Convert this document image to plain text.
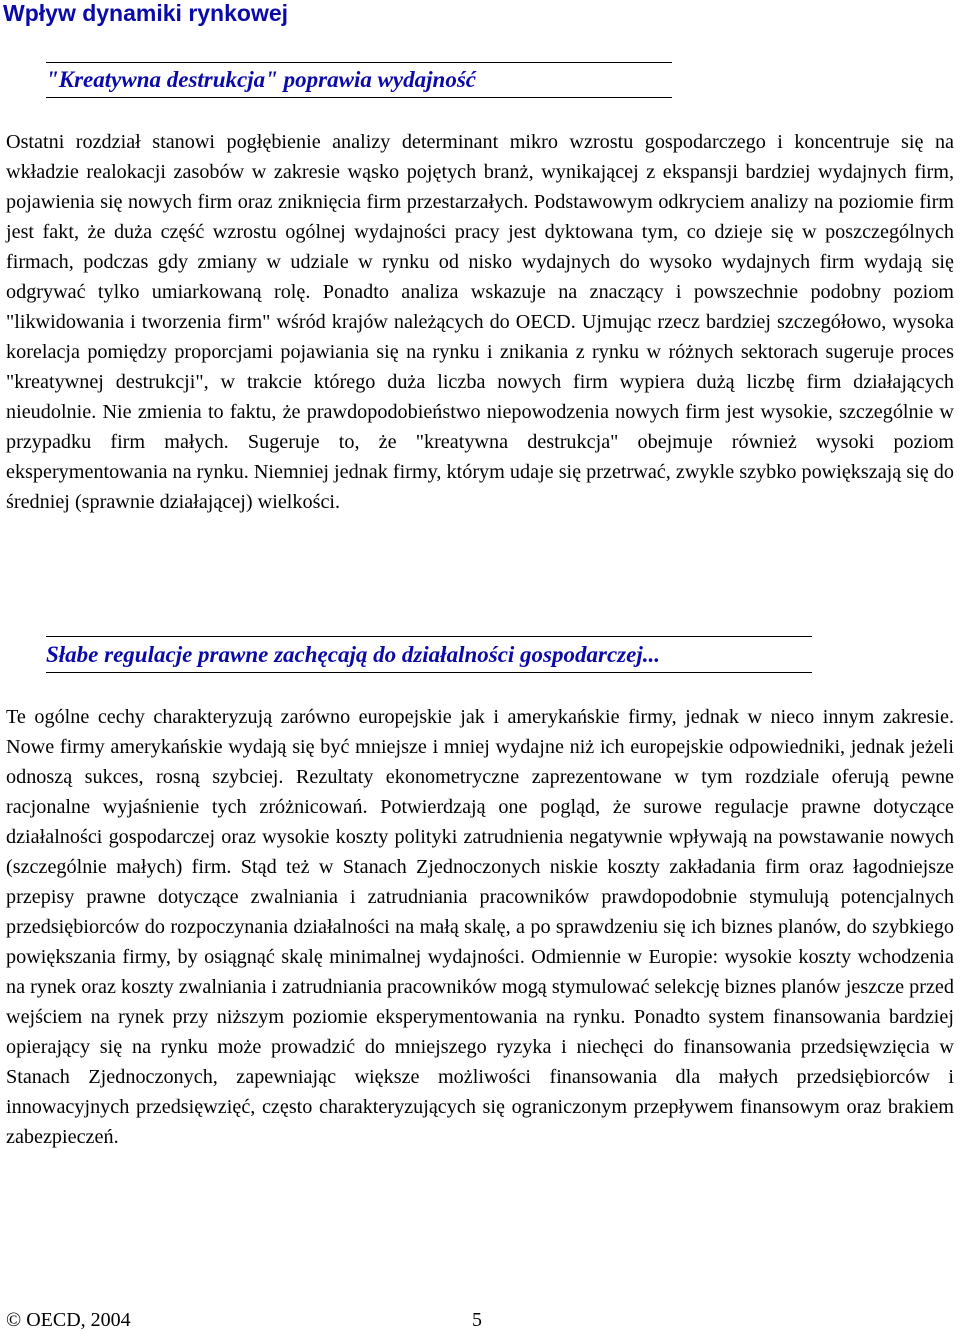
Wpływ dynamiki rynkowej
"Kreatywna destrukcja" poprawia wydajność

Ostatni rozdział stanowi pogłębienie analizy determinant mikro wzrostu gospodarczego i koncentruje się na wkładzie realokacji zasobów w zakresie wąsko pojętych branż, wynikającej z ekspansji bardziej wydajnych firm, pojawienia się nowych firm oraz zniknięcia firm przestarzałych. Podstawowym odkryciem analizy na poziomie firm jest fakt, że duża część wzrostu ogólnej wydajności pracy jest dyktowana tym, co dzieje się w poszczególnych firmach, podczas gdy zmiany w udziale w rynku od nisko wydajnych do wysoko wydajnych firm wydają się odgrywać tylko umiarkowaną rolę. Ponadto analiza wskazuje na znaczący i powszechnie podobny poziom "likwidowania i tworzenia firm" wśród krajów należących do OECD. Ujmując rzecz bardziej szczegółowo, wysoka korelacja pomiędzy proporcjami pojawiania się na rynku i znikania z rynku w różnych sektorach sugeruje proces "kreatywnej destrukcji", w trakcie którego duża liczba nowych firm wypiera dużą liczbę firm działających nieudolnie. Nie zmienia to faktu, że prawdopodobieństwo niepowodzenia nowych firm jest wysokie, szczególnie w przypadku firm małych. Sugeruje to, że "kreatywna destrukcja" obejmuje również wysoki poziom eksperymentowania na rynku. Niemniej jednak firmy, którym udaje się przetrwać, zwykle szybko powiększają się do średniej (sprawnie działającej) wielkości.

Słabe regulacje prawne zachęcają do działalności gospodarczej...

Te ogólne cechy charakteryzują zarówno europejskie jak i amerykańskie firmy, jednak w nieco innym zakresie. Nowe firmy amerykańskie wydają się być mniejsze i mniej wydajne niż ich europejskie odpowiedniki, jednak jeżeli odnoszą sukces, rosną szybciej. Rezultaty ekonometryczne zaprezentowane w tym rozdziale oferują pewne racjonalne wyjaśnienie tych zróżnicowań. Potwierdzają one pogląd, że surowe regulacje prawne dotyczące działalności gospodarczej oraz wysokie koszty polityki zatrudnienia negatywnie wpływają na powstawanie nowych (szczególnie małych) firm. Stąd też w Stanach Zjednoczonych niskie koszty zakładania firm oraz łagodniejsze przepisy prawne dotyczące zwalniania i zatrudniania pracowników prawdopodobnie stymulują potencjalnych przedsiębiorców do rozpoczynania działalności na małą skalę, a po sprawdzeniu się ich biznes planów, do szybkiego powiększania firmy, by osiągnąć skalę minimalnej wydajności. Odmiennie w Europie: wysokie koszty wchodzenia na rynek oraz koszty zwalniania i zatrudniania pracowników mogą stymulować selekcję biznes planów jeszcze przed wejściem na rynek przy niższym poziomie eksperymentowania na rynku. Ponadto system finansowania bardziej opierający się na rynku może prowadzić do mniejszego ryzyka i niechęci do finansowania przedsięwzięcia w Stanach Zjednoczonych, zapewniając większe możliwości finansowania dla małych przedsiębiorców i innowacyjnych przedsięwzięć, często charakteryzujących się ograniczonym przepływem finansowym oraz brakiem zabezpieczeń.

© OECD, 2004	5
